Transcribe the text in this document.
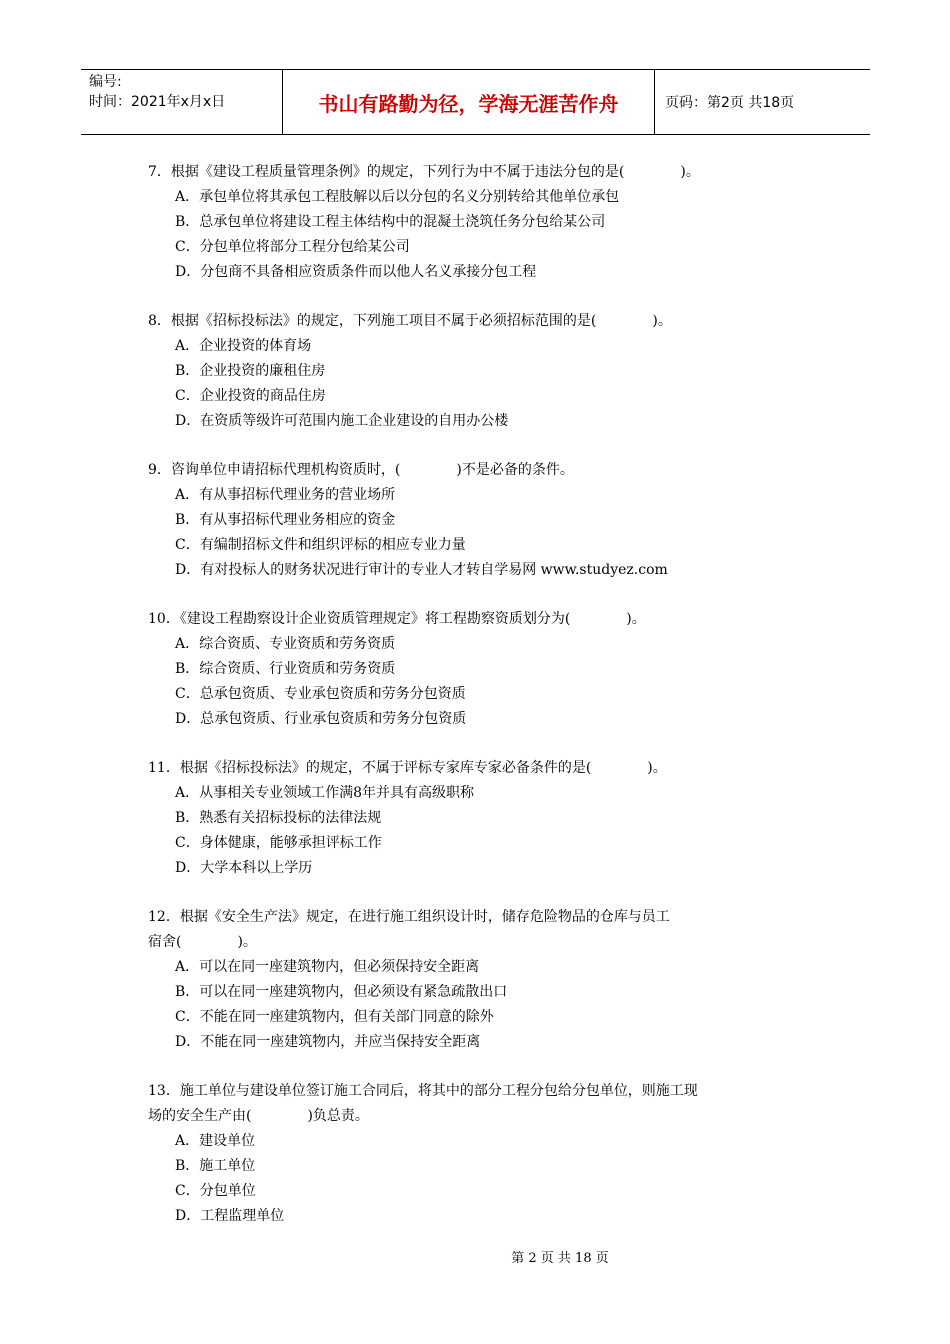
编号:
时间：2021年x月x日	书山有路勤为径，学海无涯苦作舟	页码：第2页 共18页
7．根据《建设工程质量管理条例》的规定，下列行为中不属于违法分包的是(　　　　)。
A．承包单位将其承包工程肢解以后以分包的名义分别转给其他单位承包
B．总承包单位将建设工程主体结构中的混凝土浇筑任务分包给某公司
C．分包单位将部分工程分包给某公司
D．分包商不具备相应资质条件而以他人名义承接分包工程
8．根据《招标投标法》的规定，下列施工项目不属于必须招标范围的是(　　　　)。
A．企业投资的体育场
B．企业投资的廉租住房
C．企业投资的商品住房
D．在资质等级许可范围内施工企业建设的自用办公楼
9．咨询单位申请招标代理机构资质时，(　　　　)不是必备的条件。
A．有从事招标代理业务的营业场所
B．有从事招标代理业务相应的资金
C．有编制招标文件和组织评标的相应专业力量
D．有对投标人的财务状况进行审计的专业人才转自学易网 www.studyez.com
10．《建设工程勘察设计企业资质管理规定》将工程勘察资质划分为(　　　　)。
A．综合资质、专业资质和劳务资质
B．综合资质、行业资质和劳务资质
C．总承包资质、专业承包资质和劳务分包资质
D．总承包资质、行业承包资质和劳务分包资质
11．根据《招标投标法》的规定，不属于评标专家库专家必备条件的是(　　　　)。
A．从事相关专业领域工作满8年并具有高级职称
B．熟悉有关招标投标的法律法规
C．身体健康，能够承担评标工作
D．大学本科以上学历
12．根据《安全生产法》规定，在进行施工组织设计时，储存危险物品的仓库与员工
宿舍(　　　　)。
A．可以在同一座建筑物内，但必须保持安全距离
B．可以在同一座建筑物内，但必须设有紧急疏散出口
C．不能在同一座建筑物内，但有关部门同意的除外
D．不能在同一座建筑物内，并应当保持安全距离
13．施工单位与建设单位签订施工合同后，将其中的部分工程分包给分包单位，则施工现
场的安全生产由(　　　　)负总责。
A．建设单位
B．施工单位
C．分包单位
D．工程监理单位
第 2 页 共 18 页
